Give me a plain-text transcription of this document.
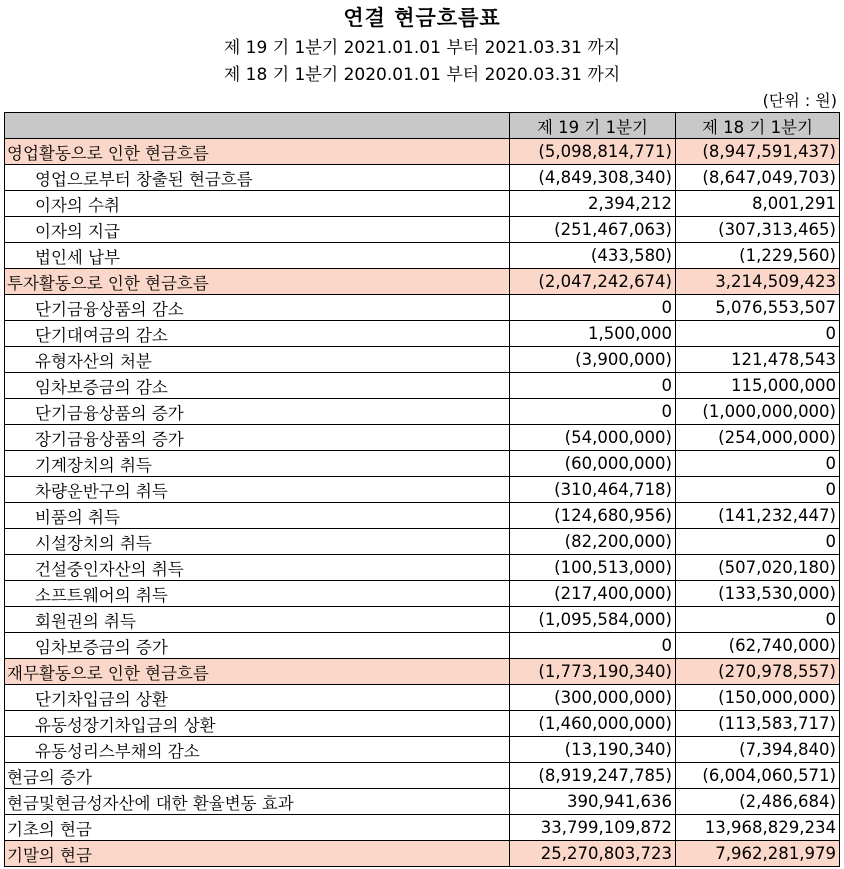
연결 현금흐름표
제 19 기 1분기 2021.01.01 부터 2021.03.31 까지
제 18 기 1분기 2020.01.01 부터 2020.03.31 까지
(단위 : 원)
	제 19 기 1분기	제 18 기 1분기
영업활동으로 인한 현금흐름	(5,098,814,771)	(8,947,591,437)
영업으로부터 창출된 현금흐름	(4,849,308,340)	(8,647,049,703)
이자의 수취	2,394,212	8,001,291
이자의 지급	(251,467,063)	(307,313,465)
법인세 납부	(433,580)	(1,229,560)
투자활동으로 인한 현금흐름	(2,047,242,674)	3,214,509,423
단기금융상품의 감소	0	5,076,553,507
단기대여금의 감소	1,500,000	0
유형자산의 처분	(3,900,000)	121,478,543
임차보증금의 감소	0	115,000,000
단기금융상품의 증가	0	(1,000,000,000)
장기금융상품의 증가	(54,000,000)	(254,000,000)
기계장치의 취득	(60,000,000)	0
차량운반구의 취득	(310,464,718)	0
비품의 취득	(124,680,956)	(141,232,447)
시설장치의 취득	(82,200,000)	0
건설중인자산의 취득	(100,513,000)	(507,020,180)
소프트웨어의 취득	(217,400,000)	(133,530,000)
회원권의 취득	(1,095,584,000)	0
임차보증금의 증가	0	(62,740,000)
재무활동으로 인한 현금흐름	(1,773,190,340)	(270,978,557)
단기차입금의 상환	(300,000,000)	(150,000,000)
유동성장기차입금의 상환	(1,460,000,000)	(113,583,717)
유동성리스부채의 감소	(13,190,340)	(7,394,840)
현금의 증가	(8,919,247,785)	(6,004,060,571)
현금및현금성자산에 대한 환율변동 효과	390,941,636	(2,486,684)
기초의 현금	33,799,109,872	13,968,829,234
기말의 현금	25,270,803,723	7,962,281,979
